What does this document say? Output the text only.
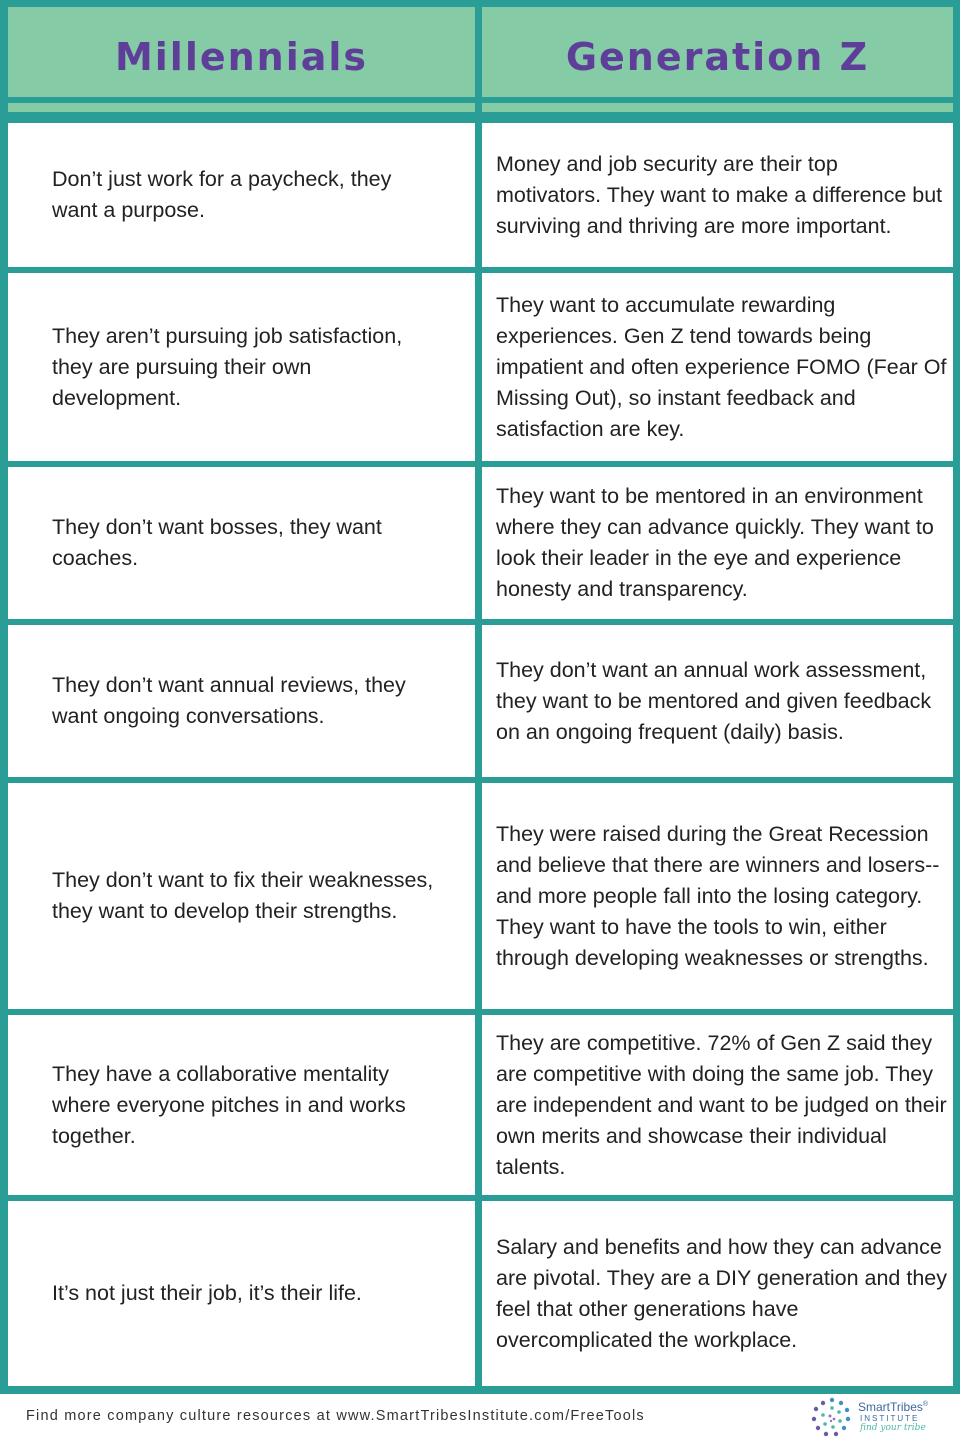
Millennials	Generation Z
Don’t just work for a paycheck, they want a purpose.
Money and job security are their top motivators. They want to make a difference but surviving and thriving are more important.
They aren’t pursuing job satisfaction, they are pursuing their own development.
They want to accumulate rewarding experiences. Gen Z tend towards being impatient and often experience FOMO (Fear Of Missing Out), so instant feedback and satisfaction are key.
They don’t want bosses, they want coaches.
They want to be mentored in an environment where they can advance quickly. They want to look their leader in the eye and experience honesty and transparency.
They don’t want annual reviews, they want ongoing conversations.
They don’t want an annual work assessment, they want to be mentored and given feedback on an ongoing frequent (daily) basis.
They don’t want to fix their weaknesses, they want to develop their strengths.
They were raised during the Great Recession and believe that there are winners and losers--and more people fall into the losing category. They want to have the tools to win, either through developing weaknesses or strengths.
They have a collaborative mentality where everyone pitches in and works together.
They are competitive. 72% of Gen Z said they are competitive with doing the same job. They are independent and want to be judged on their own merits and showcase their individual talents.
It’s not just their job, it’s their life.
Salary and benefits and how they can advance are pivotal. They are a DIY generation and they feel that other generations have overcomplicated the workplace.
Find more company culture resources at www.SmartTribesInstitute.com/FreeTools
SmartTribes®
INSTITUTE
find your tribe
